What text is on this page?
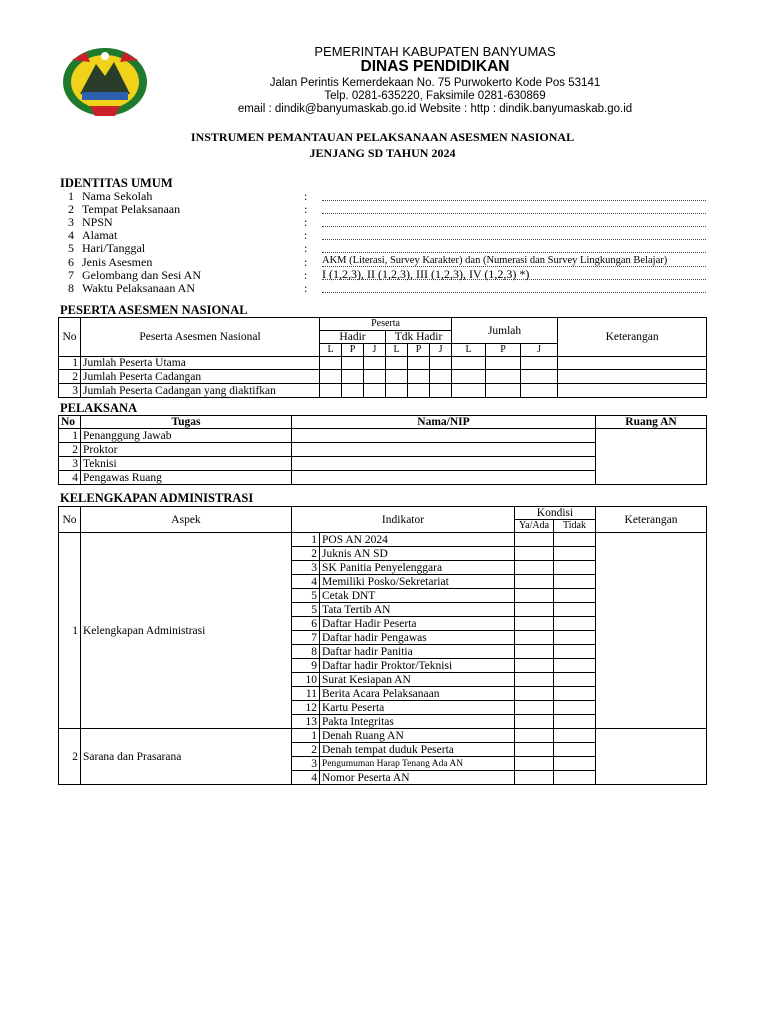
PEMERINTAH KABUPATEN BANYUMAS
DINAS PENDIDIKAN
Jalan Perintis Kemerdekaan No. 75 Purwokerto Kode Pos 53141
Telp. 0281-635220, Faksimile 0281-630869
email : dindik@banyumaskab.go.id Website : http : dindik.banyumaskab.go.id
INSTRUMEN PEMANTAUAN PELAKSANAAN ASESMEN NASIONAL
JENJANG SD TAHUN 2024
IDENTITAS UMUM
1 Nama Sekolah	:
2 Tempat Pelaksanaan	:
3 NPSN	:
4 Alamat	:
5 Hari/Tanggal	:
6 Jenis Asesmen	: AKM (Literasi, Survey Karakter) dan (Numerasi dan Survey Lingkungan Belajar)
7 Gelombang dan Sesi AN	: I (1,2,3), II (1,2,3), III (1,2,3), IV (1,2,3) *)
8 Waktu Pelaksanaan AN	:
PESERTA ASESMEN NASIONAL
No	Peserta Asesmen Nasional	Peserta						Jumlah			Keterangan
		Hadir			Tdk Hadir						
		L	P	J	L	P	J	L	P	J	
1	Jumlah Peserta Utama										
2	Jumlah Peserta Cadangan										
3	Jumlah Peserta Cadangan yang diaktifkan										
PELAKSANA
No	Tugas	Nama/NIP	Ruang AN
1	Penanggung Jawab		
2	Proktor		
3	Teknisi		
4	Pengawas Ruang		
KELENGKAPAN ADMINISTRASI
No	Aspek	Indikator		Kondisi		Keterangan
				Ya/Ada	Tidak	
1	Kelengkapan Administrasi	1	POS AN 2024			
		2	Juknis AN SD			
		3	SK Panitia Penyelenggara			
		4	Memiliki Posko/Sekretariat			
		5	Cetak DNT			
		5	Tata Tertib AN			
		6	Daftar Hadir Peserta			
		7	Daftar hadir Pengawas			
		8	Daftar hadir Panitia			
		9	Daftar hadir Proktor/Teknisi			
		10	Surat Kesiapan AN			
		11	Berita Acara Pelaksanaan			
		12	Kartu Peserta			
		13	Pakta Integritas			
2	Sarana dan Prasarana	1	Denah Ruang AN			
		2	Denah tempat duduk Peserta			
		3	Pengumuman Harap Tenang Ada AN			
		4	Nomor Peserta AN			
